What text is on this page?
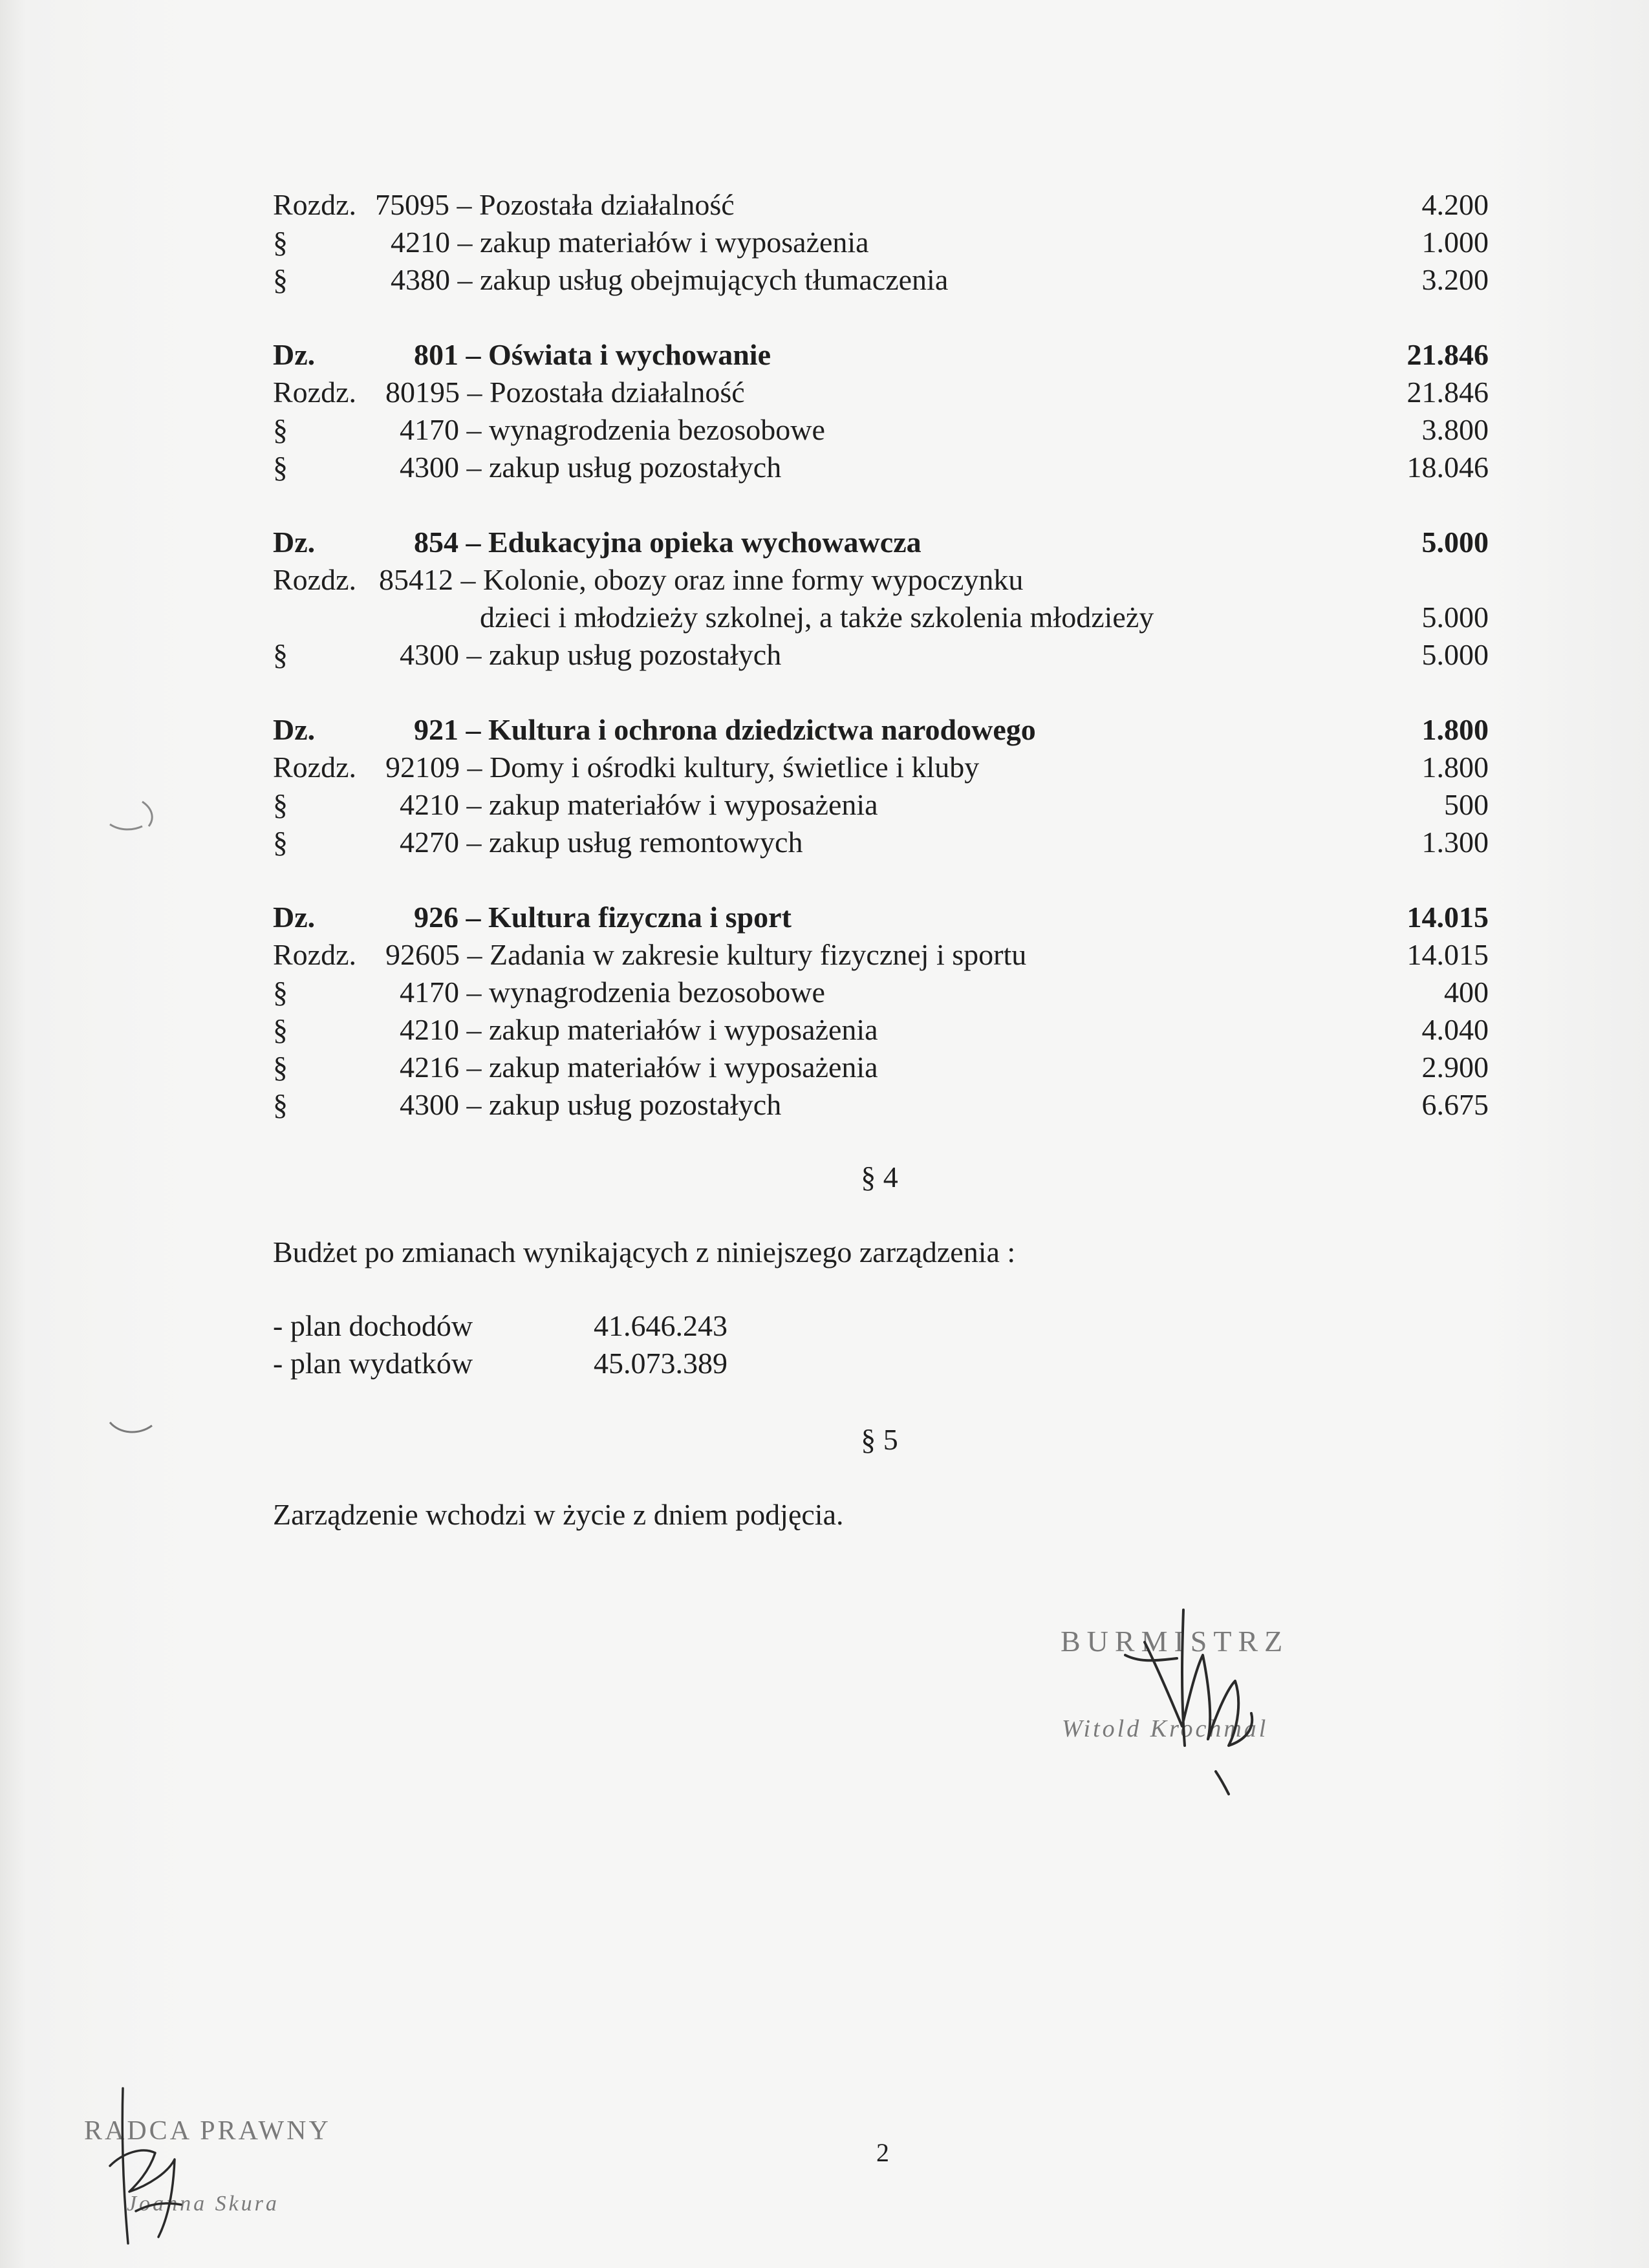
Rozdz. 75095 – Pozostała działalność	4.200
§	4210 – zakup materiałów i wyposażenia	1.000
§	4380 – zakup usług obejmujących tłumaczenia	3.200
Dz.	801 – Oświata i wychowanie	21.846
Rozdz. 80195 – Pozostała działalność	21.846
§	4170 – wynagrodzenia bezosobowe	3.800
§	4300 – zakup usług pozostałych	18.046
Dz.	854 – Edukacyjna opieka wychowawcza	5.000
Rozdz. 85412 – Kolonie, obozy oraz inne formy wypoczynku
dzieci i młodzieży szkolnej, a także szkolenia młodzieży	5.000
§	4300 – zakup usług pozostałych	5.000
Dz.	921 – Kultura i ochrona dziedzictwa narodowego	1.800
Rozdz. 92109 – Domy i ośrodki kultury, świetlice i kluby	1.800
§	4210 – zakup materiałów i wyposażenia	500
§	4270 – zakup usług remontowych	1.300
Dz.	926 – Kultura fizyczna i sport	14.015
Rozdz. 92605 – Zadania w zakresie kultury fizycznej i sportu	14.015
§	4170 – wynagrodzenia bezosobowe	400
§	4210 – zakup materiałów i wyposażenia	4.040
§	4216 – zakup materiałów i wyposażenia	2.900
§	4300 – zakup usług pozostałych	6.675
§ 4
Budżet po zmianach wynikających z niniejszego zarządzenia :
- plan dochodów	41.646.243
- plan wydatków	45.073.389
§ 5
Zarządzenie wchodzi w życie z dniem podjęcia.
BURMISTRZ
Witold Krochmal
RADCA PRAWNY
Joanna Skura
2
